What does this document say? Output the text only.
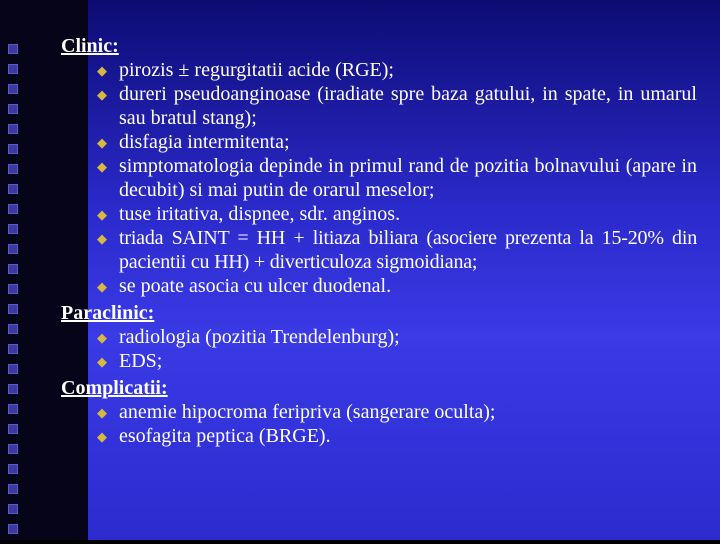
Clinic:
◆ pirozis ± regurgitatii acide (RGE);
◆ dureri pseudoanginoase (iradiate spre baza gatului, in spate, in umarul sau bratul stang);
◆ disfagia intermitenta;
◆ simptomatologia depinde in primul rand de pozitia bolnavului (apare in decubit) si mai putin de orarul meselor;
◆ tuse iritativa, dispnee, sdr. anginos.
◆ triada SAINT = HH + litiaza biliara (asociere prezenta la 15-20% din pacientii cu HH) + diverticuloza sigmoidiana;
◆ se poate asocia cu ulcer duodenal.
Paraclinic:
◆ radiologia (pozitia Trendelenburg);
◆ EDS;
Complicatii:
◆ anemie hipocroma feripriva (sangerare oculta);
◆ esofagita peptica (BRGE).
